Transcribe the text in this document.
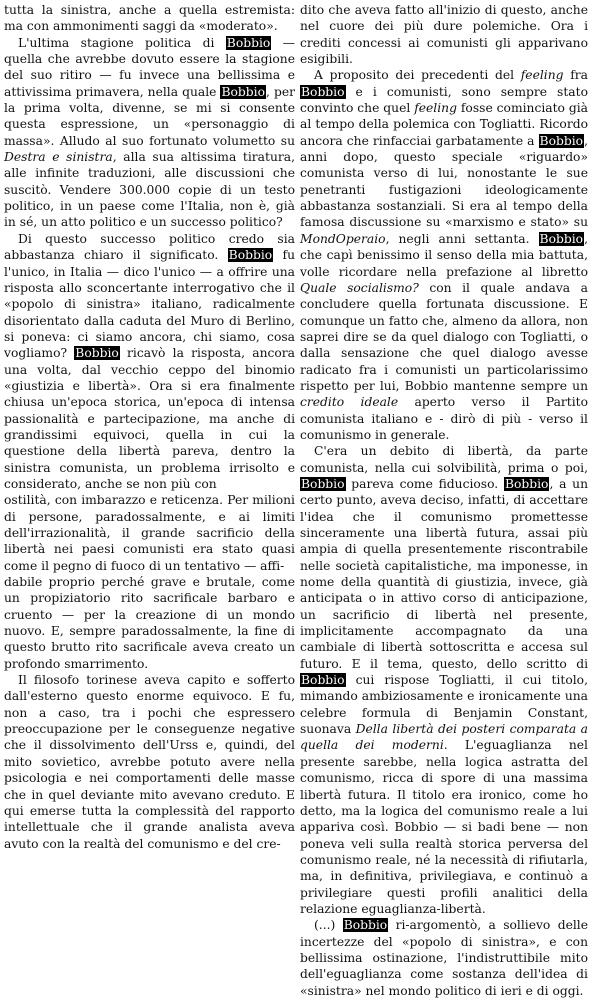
tutta la sinistra, anche a quella estremista: ma con ammonimenti saggi da «moderato».

L'ultima stagione politica di Bobbio — quella che avrebbe dovuto essere la stagione del suo ritiro — fu invece una bellissima e attivissima primavera, nella quale Bobbio, per la prima volta, divenne, se mi si consente questa espressione, un «personaggio di massa». Alludo al suo fortunato volumetto su Destra e sinistra, alla sua altissima tiratura, alle infinite traduzioni, alle discussioni che suscitò. Vendere 300.000 copie di un testo politico, in un paese come l'Italia, non è, già in sé, un atto politico e un successo politico?

Di questo successo politico credo sia abbastanza chiaro il significato. Bobbio fu l'unico, in Italia — dico l'unico — a offrire una risposta allo sconcertante interrogativo che il «popolo di sinistra» italiano, radicalmente disorientato dalla caduta del Muro di Berlino, si poneva: ci siamo ancora, chi siamo, cosa vogliamo? Bobbio ricavò la risposta, ancora una volta, dal vecchio ceppo del binomio «giustizia e libertà». Ora si era finalmente chiusa un'epoca storica, un'epoca di intensa passionalità e partecipazione, ma anche di grandissimi equivoci, quella in cui la questione della libertà pareva, dentro la sinistra comunista, un problema irrisolto e considerato, anche se non più con

ostilità, con imbarazzo e reticenza. Per milioni di persone, paradossalmente, e ai limiti dell'irrazionalità, il grande sacrificio della libertà nei paesi comunisti era stato quasi come il pegno di fuoco di un tentativo — affi-

dabile proprio perché grave e brutale, come un propiziatorio rito sacrificale barbaro e cruento — per la creazione di un mondo nuovo. E, sempre paradossalmente, la fine di questo brutto rito sacrificale aveva creato un profondo smarrimento.

Il filosofo torinese aveva capito e sofferto dall'esterno questo enorme equivoco. E fu, non a caso, tra i pochi che espressero preoccupazione per le conseguenze negative che il dissolvimento dell'Urss e, quindi, del mito sovietico, avrebbe potuto avere nella psicologia e nei comportamenti delle masse che in quel deviante mito avevano creduto. E qui emerse tutta la complessità del rapporto intellettuale che il grande analista aveva avuto con la realtà del comunismo e del cre-

dito che aveva fatto all'inizio di questo, anche nel cuore dei più dure polemiche. Ora i crediti concessi ai comunisti gli apparivano esigibili.

A proposito dei precedenti del feeling fra Bobbio e i comunisti, sono sempre stato convinto che quel feeling fosse cominciato già al tempo della polemica con Togliatti. Ricordo ancora che rinfacciai garbatamente a Bobbio, anni dopo, questo speciale «riguardo» comunista verso di lui, nonostante le sue penetranti fustigazioni ideologicamente abbastanza sostanziali. Si era al tempo della famosa discussione su «marxismo e stato» su MondOperaio, negli anni settanta. Bobbio, che capì benissimo il senso della mia battuta, volle ricordare nella prefazione al libretto Quale socialismo? con il quale andava a concludere quella fortunata discussione. E comunque un fatto che, almeno da allora, non saprei dire se da quel dialogo con Togliatti, o dalla sensazione che quel dialogo avesse radicato fra i comunisti un particolarissimo rispetto per lui, Bobbio mantenne sempre un credito ideale aperto verso il Partito comunista italiano e - dirò di più - verso il comunismo in generale.

C'era un debito di libertà, da parte comunista, nella cui solvibilità, prima o poi, Bobbio pareva come fiducioso. Bobbio, a un certo punto, aveva deciso, infatti, di accettare l'idea che il comunismo promettesse sinceramente una libertà futura, assai più ampia di quella presentemente riscontrabile nelle società capitalistiche, ma imponesse, in nome della quantità di giustizia, invece, già anticipata o in attivo corso di anticipazione, un sacrificio di libertà nel presente, implicitamente accompagnato da una cambiale di libertà sottoscritta e accesa sul futuro. E il tema, questo, dello scritto di Bobbio cui rispose Togliatti, il cui titolo, mimando ambiziosamente e ironicamente una celebre formula di Benjamin Constant, suonava Della libertà dei posteri comparata a quella dei moderni. L'eguaglianza nel presente sarebbe, nella logica astratta del comunismo, ricca di spore di una massima libertà futura. Il titolo era ironico, come ho detto, ma la logica del comunismo reale a lui appariva così. Bobbio — si badi bene — non poneva veli sulla realtà storica perversa del comunismo reale, né la necessità di rifiutarla, ma, in definitiva, privilegiava, e continuò a privilegiare questi profili analitici della relazione eguaglianza-libertà.

(...) Bobbio ri-argomentò, a sollievo delle incertezze del «popolo di sinistra», e con bellissima ostinazione, l'indistruttibile mito dell'eguaglianza come sostanza dell'idea di «sinistra» nel mondo politico di ieri e di oggi.
